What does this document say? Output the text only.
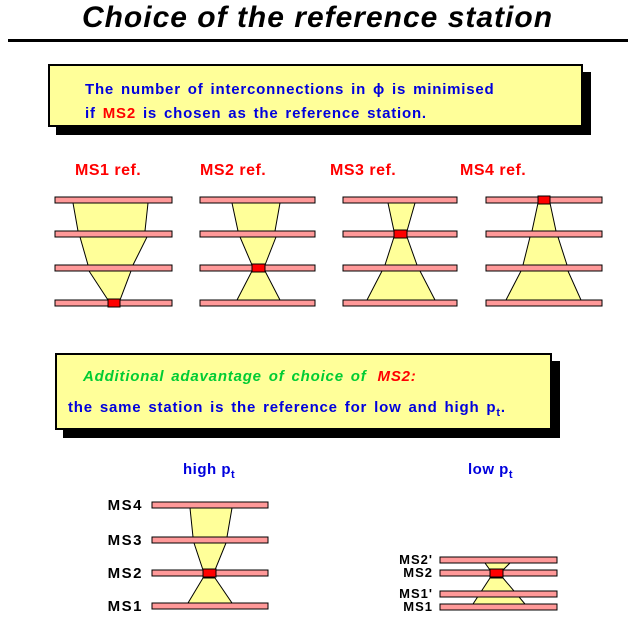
Choice of the reference station
The number of interconnections in ϕ is minimised
if MS2 is chosen as the reference station.
MS1 ref.	MS2 ref.	MS3 ref.	MS4 ref.
Additional adavantage of choice of MS2:
the same station is the reference for low and high $p_t$.
high $p_t$	low $p_t$
MS4
MS3
MS2
MS1
MS2'
MS2
MS1'
MS1
